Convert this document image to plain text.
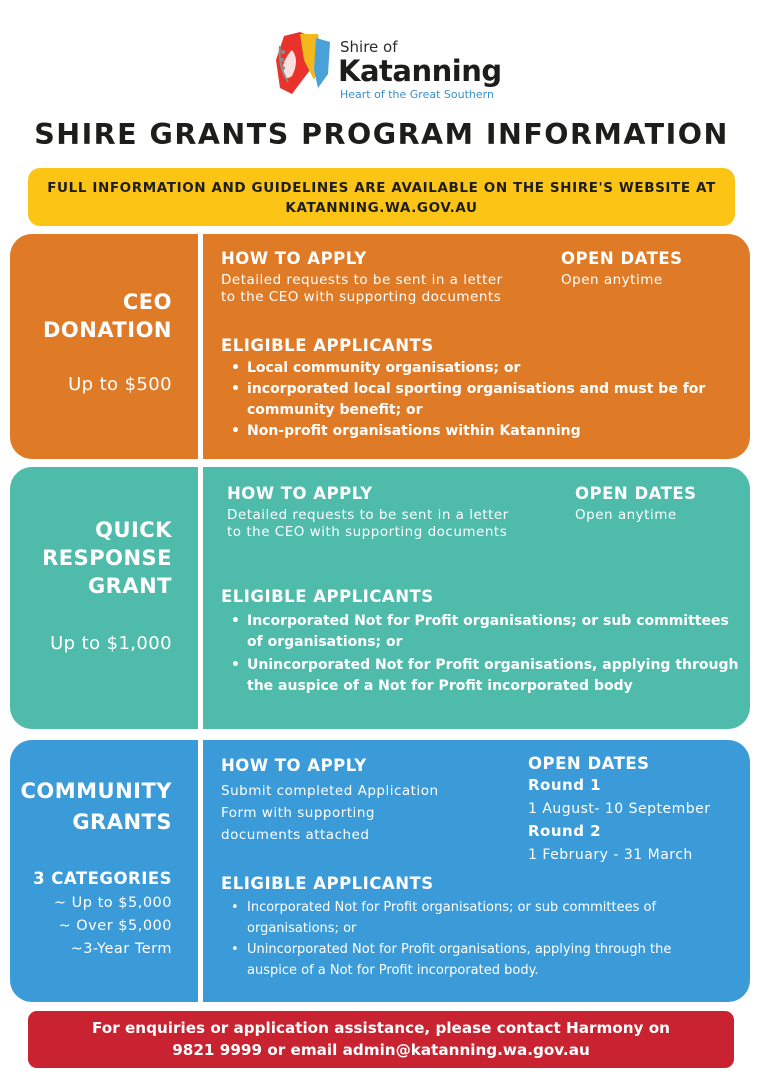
Shire of
Katanning
Heart of the Great Southern
SHIRE GRANTS PROGRAM INFORMATION
FULL INFORMATION AND GUIDELINES ARE AVAILABLE ON THE SHIRE'S WEBSITE AT
KATANNING.WA.GOV.AU
CEO
DONATION
Up to $500
HOW TO APPLY
Detailed requests to be sent in a letter
to the CEO with supporting documents
OPEN DATES
Open anytime
ELIGIBLE APPLICANTS
• Local community organisations; or
• incorporated local sporting organisations and must be for
community benefit; or
• Non-profit organisations within Katanning
QUICK
RESPONSE
GRANT
Up to $1,000
HOW TO APPLY
Detailed requests to be sent in a letter
to the CEO with supporting documents
OPEN DATES
Open anytime
ELIGIBLE APPLICANTS
• Incorporated Not for Profit organisations; or sub committees
of organisations; or
• Unincorporated Not for Profit organisations, applying through
the auspice of a Not for Profit incorporated body
COMMUNITY
GRANTS
3 CATEGORIES
~ Up to $5,000
~ Over $5,000
~3-Year Term
HOW TO APPLY
Submit completed Application
Form with supporting
documents attached
OPEN DATES
Round 1
1 August- 10 September
Round 2
1 February - 31 March
ELIGIBLE APPLICANTS
• Incorporated Not for Profit organisations; or sub committees of
organisations; or
• Unincorporated Not for Profit organisations, applying through the
auspice of a Not for Profit incorporated body.
For enquiries or application assistance, please contact Harmony on
9821 9999 or email admin@katanning.wa.gov.au
